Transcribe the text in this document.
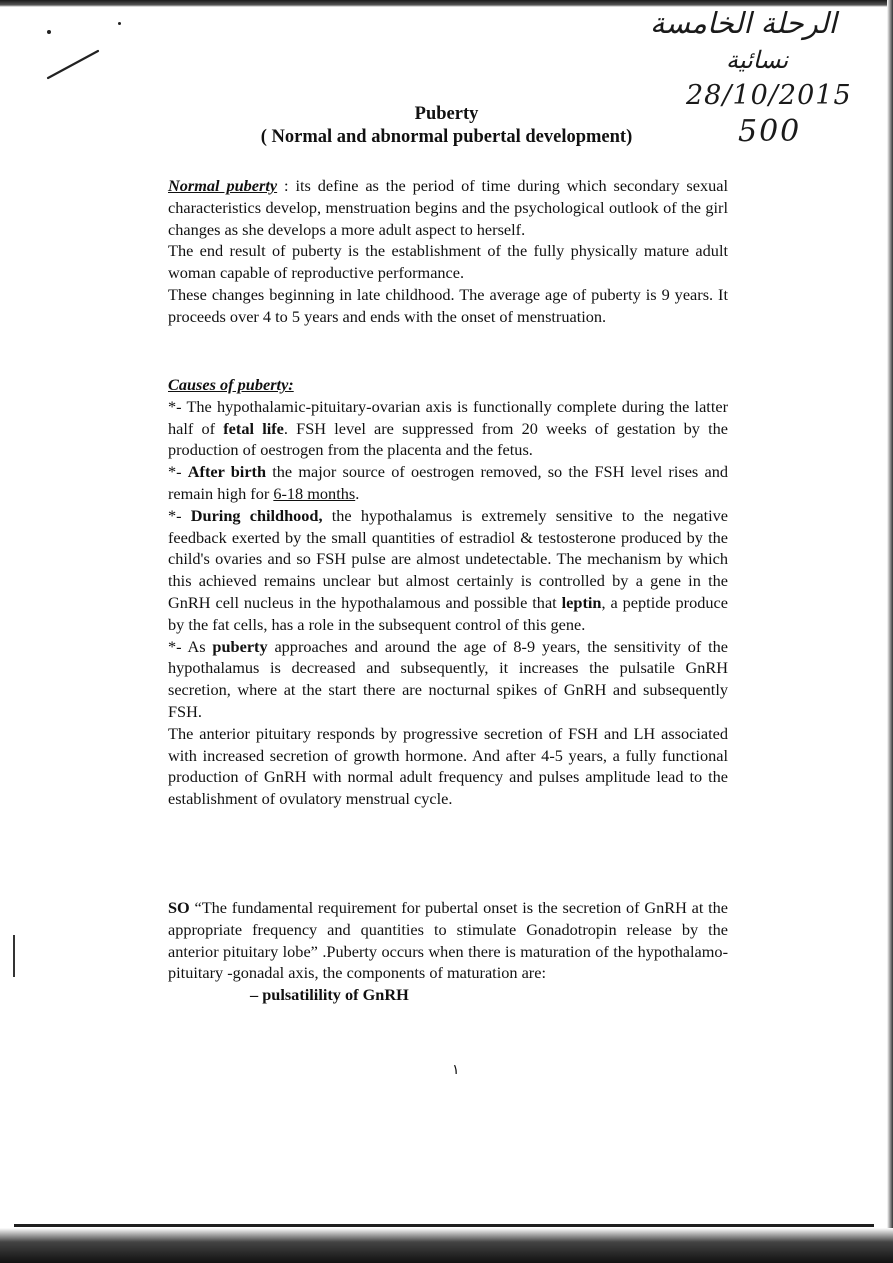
الرحلة الخامسة
نسائية
28/10/2015
500
Puberty
( Normal and abnormal pubertal development)

Normal puberty : its define as the period of time during which secondary sexual characteristics develop, menstruation begins and the psychological outlook of the girl changes as she develops a more adult aspect to herself.

The end result of puberty is the establishment of the fully physically mature adult woman capable of reproductive performance.

These changes beginning in late childhood. The average age of puberty is 9 years. It proceeds over 4 to 5 years and ends with the onset of menstruation.

Causes of puberty:

*- The hypothalamic-pituitary-ovarian axis is functionally complete during the latter half of fetal life. FSH level are suppressed from 20 weeks of gestation by the production of oestrogen from the placenta and the fetus.

*- After birth the major source of oestrogen removed, so the FSH level rises and remain high for 6-18 months.

*- During childhood, the hypothalamus is extremely sensitive to the negative feedback exerted by the small quantities of estradiol & testosterone produced by the child's ovaries and so FSH pulse are almost undetectable. The mechanism by which this achieved remains unclear but almost certainly is controlled by a gene in the GnRH cell nucleus in the hypothalamous and possible that leptin, a peptide produce by the fat cells, has a role in the subsequent control of this gene.

*- As puberty approaches and around the age of 8-9 years, the sensitivity of the hypothalamus is decreased and subsequently, it increases the pulsatile GnRH secretion, where at the start there are nocturnal spikes of GnRH and subsequently FSH.

The anterior pituitary responds by progressive secretion of FSH and LH associated with increased secretion of growth hormone. And after 4-5 years, a fully functional production of GnRH with normal adult frequency and pulses amplitude lead to the establishment of ovulatory menstrual cycle.

SO “The fundamental requirement for pubertal onset is the secretion of GnRH at the appropriate frequency and quantities to stimulate Gonadotropin release by the anterior pituitary lobe” .Puberty occurs when there is maturation of the hypothalamo-pituitary -gonadal axis, the components of maturation are:

– pulsatilility of GnRH

١
